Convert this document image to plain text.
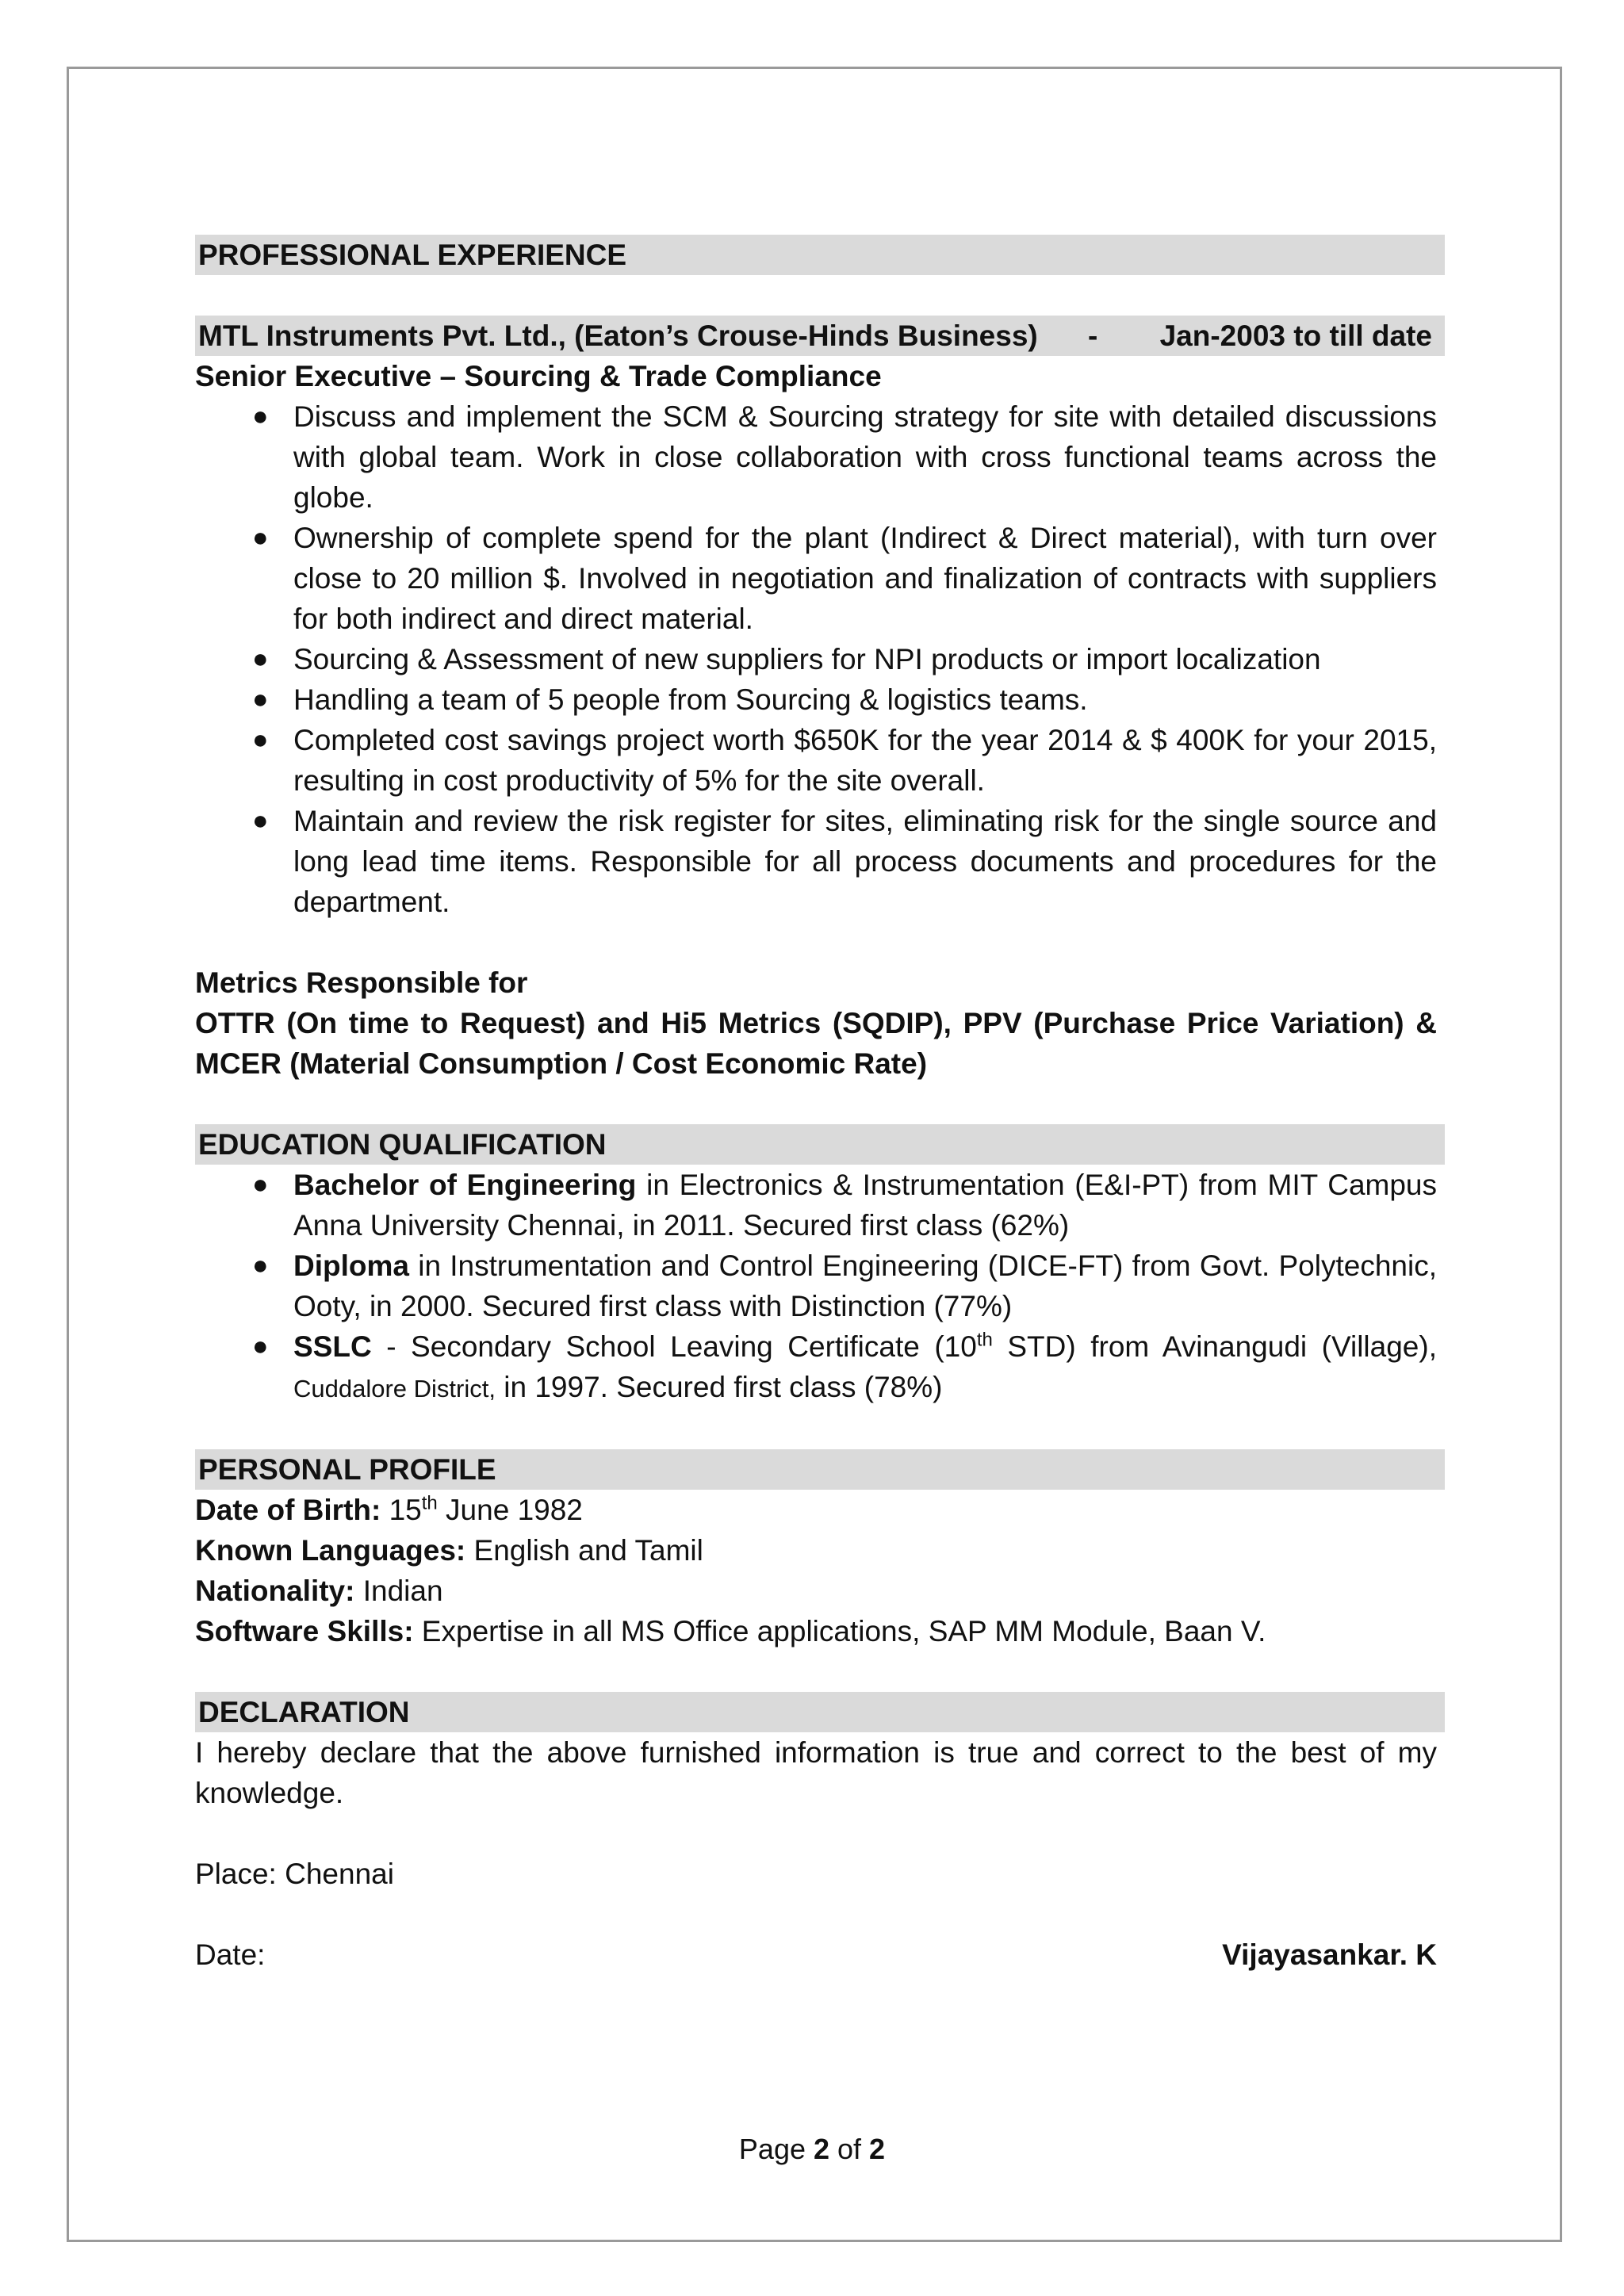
PROFESSIONAL EXPERIENCE
MTL Instruments Pvt. Ltd., (Eaton’s Crouse-Hinds Business) - Jan-2003 to till date
Senior Executive – Sourcing & Trade Compliance
● Discuss and implement the SCM & Sourcing strategy for site with detailed discussions with global team. Work in close collaboration with cross functional teams across the globe.
● Ownership of complete spend for the plant (Indirect & Direct material), with turn over close to 20 million $. Involved in negotiation and finalization of contracts with suppliers for both indirect and direct material.
● Sourcing & Assessment of new suppliers for NPI products or import localization
● Handling a team of 5 people from Sourcing & logistics teams.
● Completed cost savings project worth $650K for the year 2014 & $ 400K for your 2015, resulting in cost productivity of 5% for the site overall.
● Maintain and review the risk register for sites, eliminating risk for the single source and long lead time items. Responsible for all process documents and procedures for the department.
Metrics Responsible for
OTTR (On time to Request) and Hi5 Metrics (SQDIP), PPV (Purchase Price Variation) & MCER (Material Consumption / Cost Economic Rate)
EDUCATION QUALIFICATION
● Bachelor of Engineering in Electronics & Instrumentation (E&I-PT) from MIT Campus Anna University Chennai, in 2011. Secured first class (62%)
● Diploma in Instrumentation and Control Engineering (DICE-FT) from Govt. Polytechnic, Ooty, in 2000. Secured first class with Distinction (77%)
● SSLC - Secondary School Leaving Certificate (10th STD) from Avinangudi (Village), Cuddalore District, in 1997. Secured first class (78%)
PERSONAL PROFILE
Date of Birth: 15th June 1982
Known Languages: English and Tamil
Nationality: Indian
Software Skills: Expertise in all MS Office applications, SAP MM Module, Baan V.
DECLARATION
I hereby declare that the above furnished information is true and correct to the best of my knowledge.
Place: Chennai
Date:	Vijayasankar. K
Page 2 of 2
